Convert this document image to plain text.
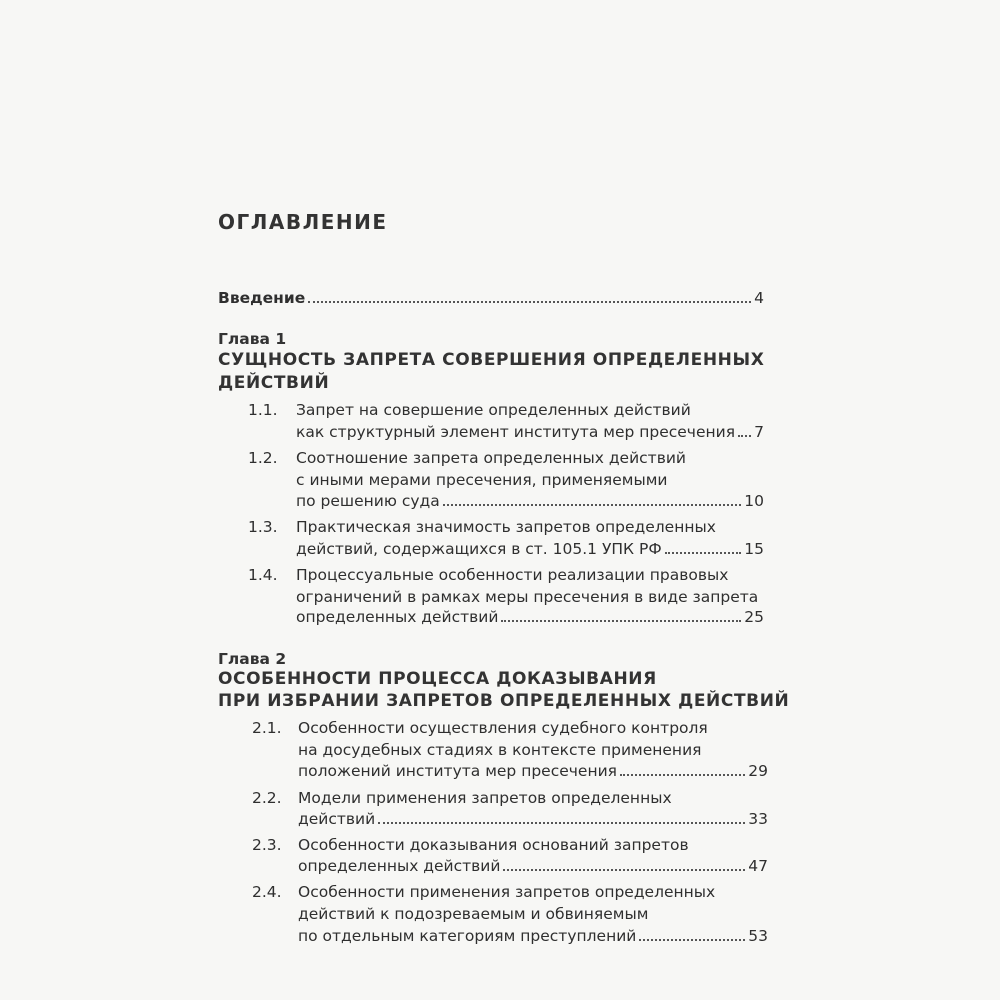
ОГЛАВЛЕНИЕ
Введение	4
Глава 1
СУЩНОСТЬ ЗАПРЕТА СОВЕРШЕНИЯ ОПРЕДЕЛЕННЫХ
ДЕЙСТВИЙ
1.1. Запрет на совершение определенных действий
как структурный элемент института мер пресечения 7
1.2. Соотношение запрета определенных действий
с иными мерами пресечения, применяемыми
по решению суда	10
1.3. Практическая значимость запретов определенных
действий, содержащихся в ст. 105.1 УПК РФ	15
1.4. Процессуальные особенности реализации правовых
ограничений в рамках меры пресечения в виде запрета
определенных действий	25
Глава 2
ОСОБЕННОСТИ ПРОЦЕССА ДОКАЗЫВАНИЯ
ПРИ ИЗБРАНИИ ЗАПРЕТОВ ОПРЕДЕЛЕННЫХ ДЕЙСТВИЙ
2.1. Особенности осуществления судебного контроля
на досудебных стадиях в контексте применения
положений института мер пресечения	29
2.2. Модели применения запретов определенных
действий	33
2.3. Особенности доказывания оснований запретов
определенных действий	47
2.4. Особенности применения запретов определенных
действий к подозреваемым и обвиняемым
по отдельным категориям преступлений	53
